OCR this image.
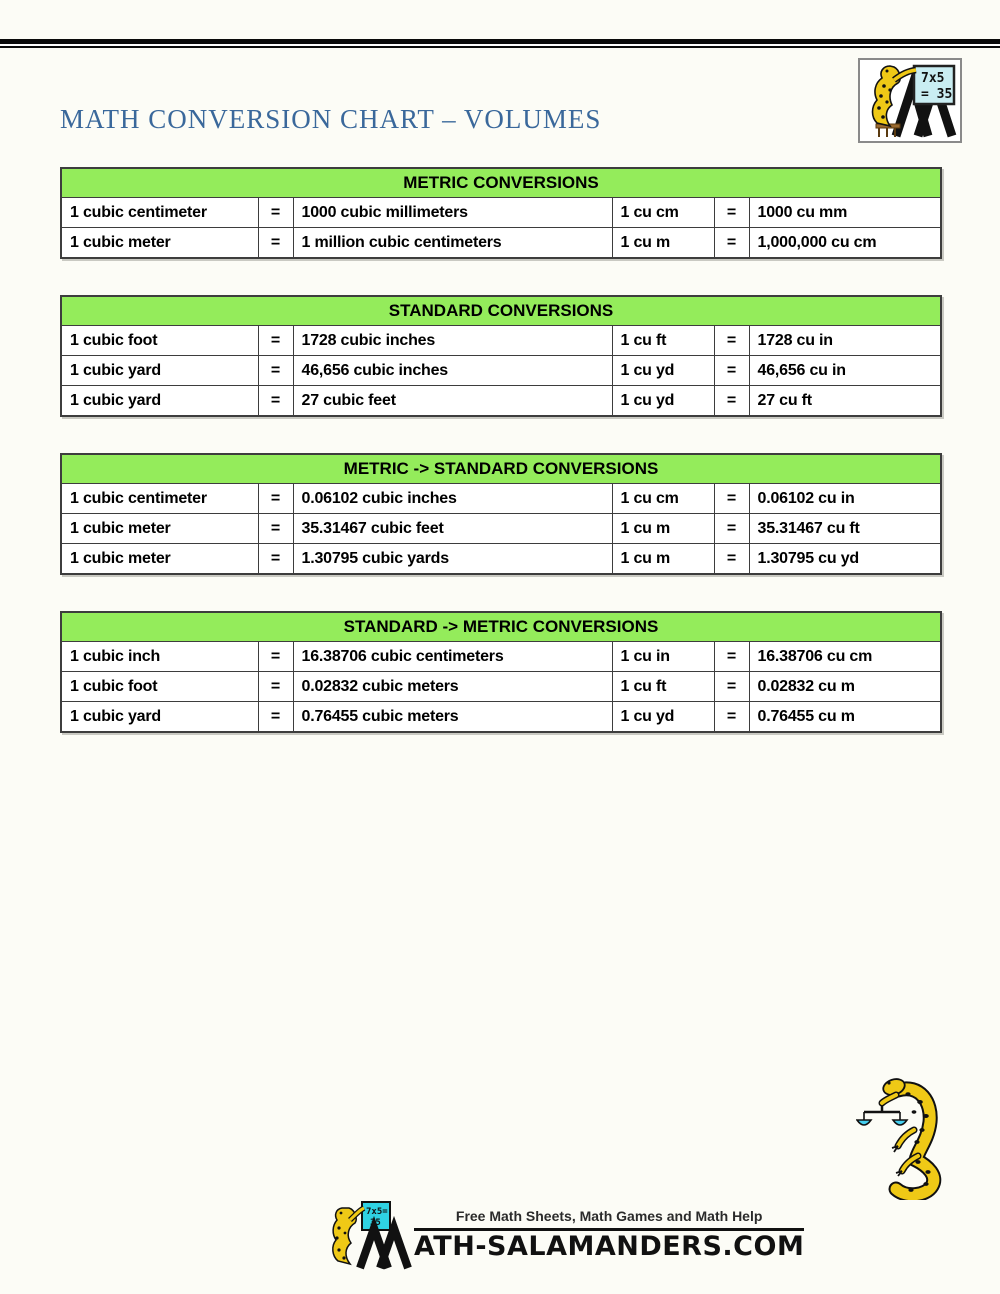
MATH CONVERSION CHART – VOLUMES
7x5
= 35
METRIC CONVERSIONS					
1 cubic centimeter	=	1000 cubic millimeters	1 cu cm	=	1000 cu mm
1 cubic meter	=	1 million cubic centimeters	1 cu m	=	1,000,000 cu cm
STANDARD CONVERSIONS					
1 cubic foot	=	1728 cubic inches	1 cu ft	=	1728 cu in
1 cubic yard	=	46,656 cubic inches	1 cu yd	=	46,656 cu in
1 cubic yard	=	27 cubic feet	1 cu yd	=	27 cu ft
METRIC -> STANDARD CONVERSIONS					
1 cubic centimeter	=	0.06102 cubic inches	1 cu cm	=	0.06102 cu in
1 cubic meter	=	35.31467 cubic feet	1 cu m	=	35.31467 cu ft
1 cubic meter	=	1.30795 cubic yards	1 cu m	=	1.30795 cu yd
STANDARD -> METRIC CONVERSIONS					
1 cubic inch	=	16.38706 cubic centimeters	1 cu in	=	16.38706 cu cm
1 cubic foot	=	0.02832 cubic meters	1 cu ft	=	0.02832 cu m
1 cubic yard	=	0.76455 cubic meters	1 cu yd	=	0.76455 cu m
7x5=
35	Free Math Sheets, Math Games and Math Help
ATH-SALAMANDERS.COM
